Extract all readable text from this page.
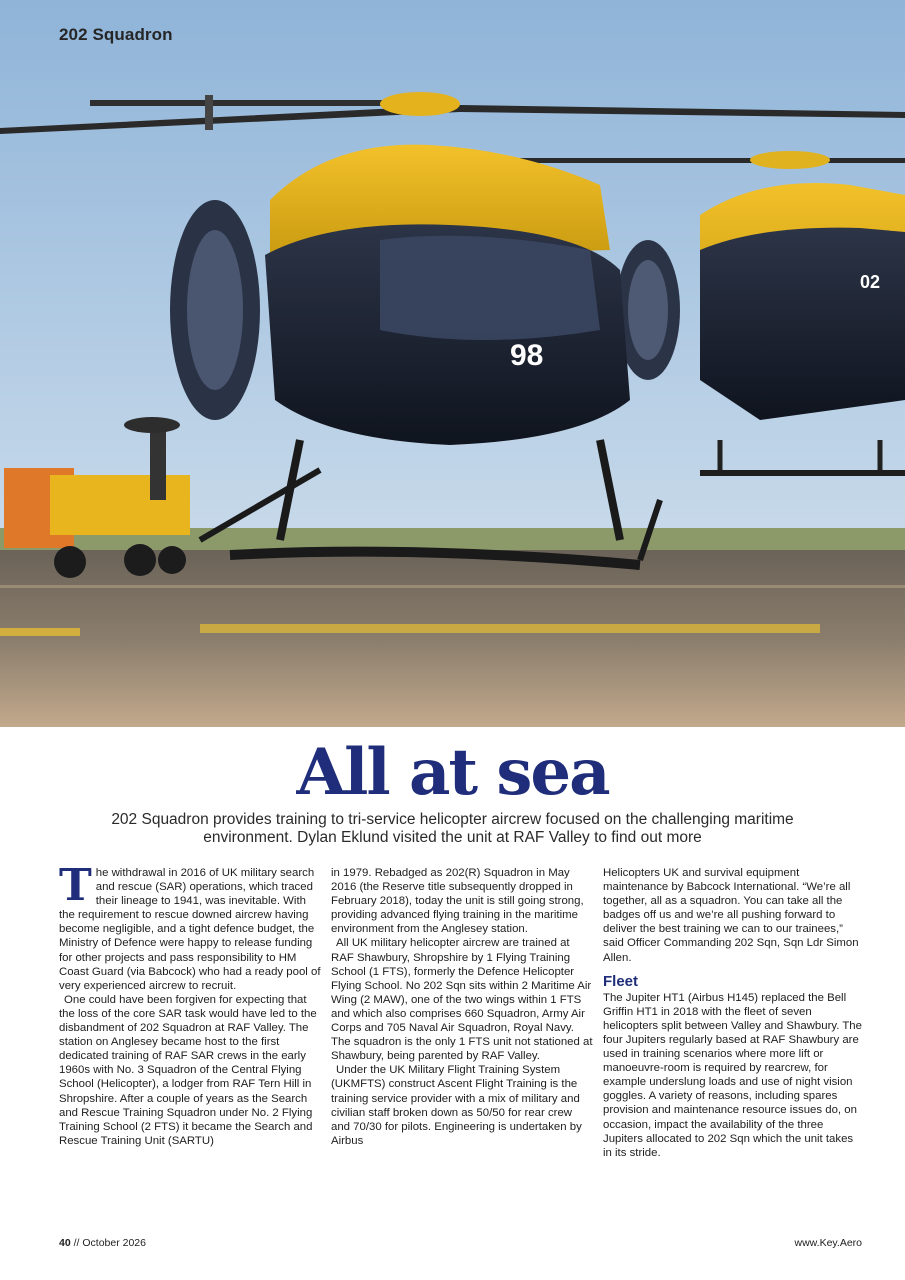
02
98
202 Squadron
All at sea
202 Squadron provides training to tri-service helicopter aircrew focused on the challenging maritime environment. Dylan Eklund visited the unit at RAF Valley to find out more

The withdrawal in 2016 of UK military search and rescue (SAR) operations, which traced their lineage to 1941, was inevitable. With the requirement to rescue downed aircrew having become negligible, and a tight defence budget, the Ministry of Defence were happy to release funding for other projects and pass responsibility to HM Coast Guard (via Babcock) who had a ready pool of very experienced aircrew to recruit.

One could have been forgiven for expecting that the loss of the core SAR task would have led to the disbandment of 202 Squadron at RAF Valley. The station on Anglesey became host to the first dedicated training of RAF SAR crews in the early 1960s with No. 3 Squadron of the Central Flying School (Helicopter), a lodger from RAF Tern Hill in Shropshire. After a couple of years as the Search and Rescue Training Squadron under No. 2 Flying Training School (2 FTS) it became the Search and Rescue Training Unit (SARTU)

in 1979. Rebadged as 202(R) Squadron in May 2016 (the Reserve title subsequently dropped in February 2018), today the unit is still going strong, providing advanced flying training in the maritime environment from the Anglesey station.

All UK military helicopter aircrew are trained at RAF Shawbury, Shropshire by 1 Flying Training School (1 FTS), formerly the Defence Helicopter Flying School. No 202 Sqn sits within 2 Maritime Air Wing (2 MAW), one of the two wings within 1 FTS and which also comprises 660 Squadron, Army Air Corps and 705 Naval Air Squadron, Royal Navy. The squadron is the only 1 FTS unit not stationed at Shawbury, being parented by RAF Valley.

Under the UK Military Flight Training System (UKMFTS) construct Ascent Flight Training is the training service provider with a mix of military and civilian staff broken down as 50/50 for rear crew and 70/30 for pilots. Engineering is undertaken by Airbus

Helicopters UK and survival equipment maintenance by Babcock International. “We’re all together, all as a squadron. You can take all the badges off us and we’re all pushing forward to deliver the best training we can to our trainees,” said Officer Commanding 202 Sqn, Sqn Ldr Simon Allen.

Fleet

The Jupiter HT1 (Airbus H145) replaced the Bell Griffin HT1 in 2018 with the fleet of seven helicopters split between Valley and Shawbury. The four Jupiters regularly based at RAF Shawbury are used in training scenarios where more lift or manoeuvre-room is required by rearcrew, for example underslung loads and use of night vision goggles. A variety of reasons, including spares provision and maintenance resource issues do, on occasion, impact the availability of the three Jupiters allocated to 202 Sqn which the unit takes in its stride.

40 // October 2026	www.Key.Aero
